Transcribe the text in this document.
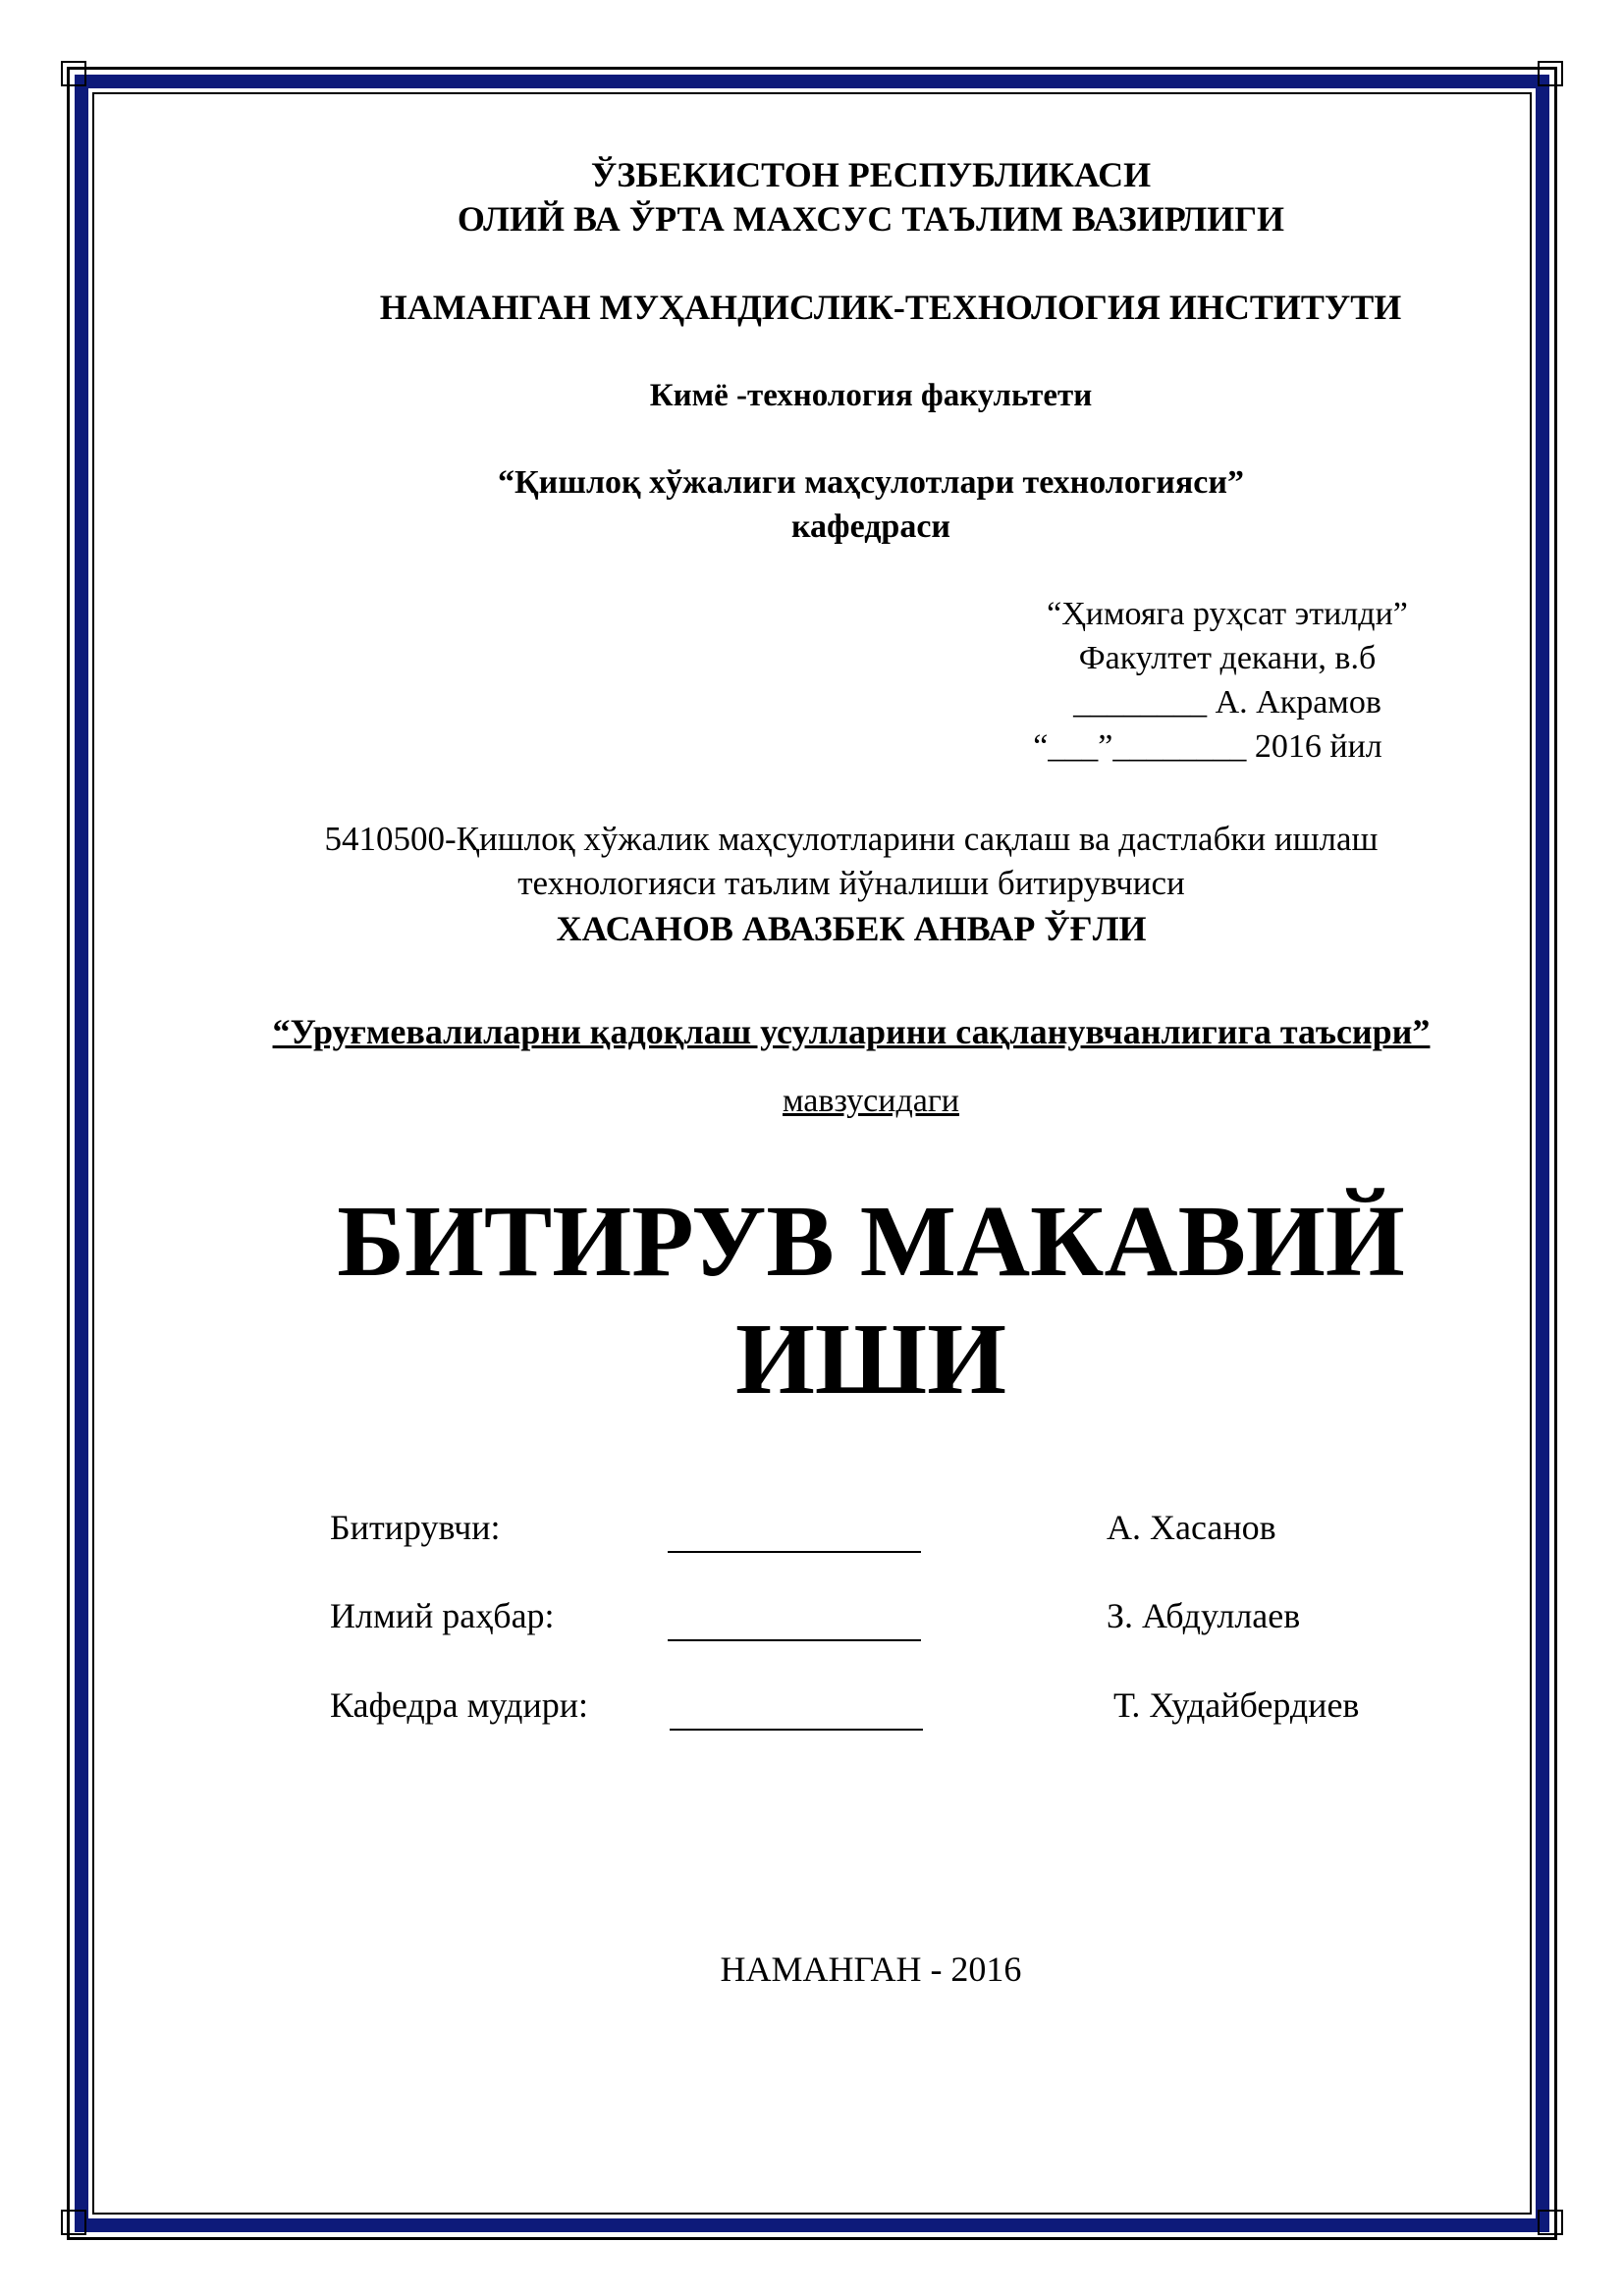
ЎЗБЕКИСТОН РЕСПУБЛИКАСИ
ОЛИЙ ВА ЎРТА МАХСУС ТАЪЛИМ ВАЗИРЛИГИ
НАМАНГАН МУҲАНДИСЛИК-ТЕХНОЛОГИЯ ИНСТИТУТИ
Кимё -технология факультети
“Қишлоқ хўжалиги маҳсулотлари технологияси”
кафедраси
“Ҳимояга руҳсат этилди”
Факултет декани, в.б
________ А. Акрамов
“___”________ 2016 йил
5410500-Қишлоқ хўжалик маҳсулотларини сақлаш ва дастлабки ишлаш
технологияси таълим йўналиши битирувчиси
ХАСАНОВ АВАЗБЕК АНВАР ЎҒЛИ
“Уруғмевалиларни қадоқлаш усулларини сақланувчанлигига таъсири”
мавзусидаги
БИТИРУВ МАКАВИЙ
ИШИ
Битирувчи:	А. Хасанов
Илмий раҳбар:	З. Абдуллаев
Кафедра мудири:	Т. Худайбердиев
НАМАНГАН - 2016
